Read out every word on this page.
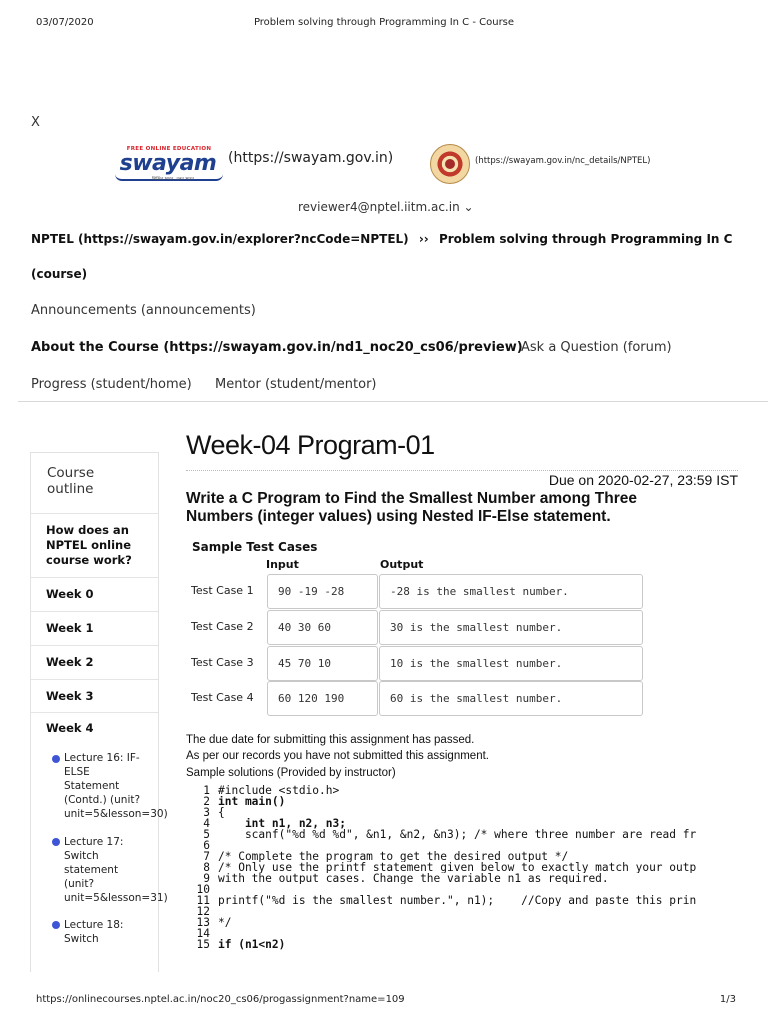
03/07/2020	Problem solving through Programming In C - Course
X
FREE ONLINE EDUCATION
swayam
शिक्षित भारत, उन्नत भारत
(https://swayam.gov.in)	(https://swayam.gov.in/nc_details/NPTEL)
reviewer4@nptel.iitm.ac.in ⌄
NPTEL (https://swayam.gov.in/explorer?ncCode=NPTEL) ›› Problem solving through Programming In C
(course)
Announcements (announcements)
About the Course (https://swayam.gov.in/nd1_noc20_cs06/preview)
Ask a Question (forum)
Progress (student/home) Mentor (student/mentor)
Course
outline
How does an
NPTEL online
course work?
Week 0
Week 1
Week 2
Week 3
Week 4
Lecture 16: IF-
ELSE
Statement
(Contd.) (unit?
unit=5&lesson=30)
Lecture 17:
Switch
statement
(unit?
unit=5&lesson=31)
Lecture 18:
Switch
Week-04 Program-01
Due on 2020-02-27, 23:59 IST
Write a C Program to Find the Smallest Number among Three
Numbers (integer values) using Nested IF-Else statement.
Sample Test Cases
Input	Output
Test Case 1	90 -19 -28	-28 is the smallest number.
Test Case 2	40 30 60	30 is the smallest number.
Test Case 3	45 70 10	10 is the smallest number.
Test Case 4	60 120 190	60 is the smallest number.
The due date for submitting this assignment has passed.
As per our records you have not submitted this assignment.
Sample solutions (Provided by instructor)
1 #include <stdio.h>
2 int main()
3 {
4    int n1, n2, n3;
5    scanf("%d %d %d", &n1, &n2, &n3); /* where three number are read fr
6
7 /* Complete the program to get the desired output */
8 /* Only use the printf statement given below to exactly match your outp
9 with the output cases. Change the variable n1 as required.
10
11 printf("%d is the smallest number.", n1);    //Copy and paste this prin
12
13 */
14
15 if (n1<n2)
https://onlinecourses.nptel.ac.in/noc20_cs06/progassignment?name=109	1/3
